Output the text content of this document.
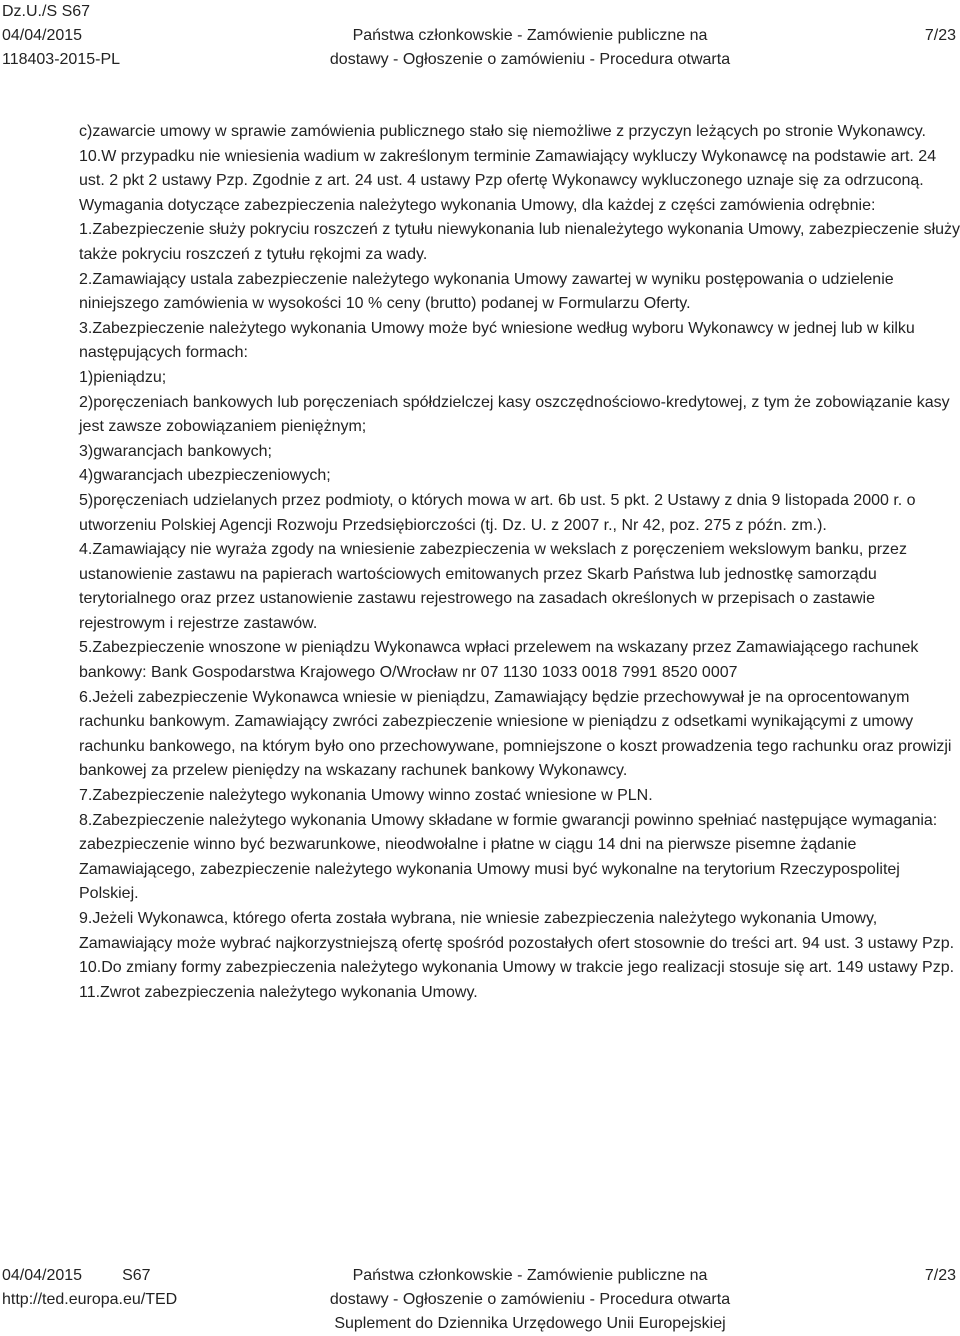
Dz.U./S S67
04/04/2015
118403-2015-PL
Państwa członkowskie - Zamówienie publiczne na
dostawy - Ogłoszenie o zamówieniu - Procedura otwarta
7/23

c)zawarcie umowy w sprawie zamówienia publicznego stało się niemożliwe z przyczyn leżących po stronie Wykonawcy.

10.W przypadku nie wniesienia wadium w zakreślonym terminie Zamawiający wykluczy Wykonawcę na podstawie art. 24 ust. 2 pkt 2 ustawy Pzp. Zgodnie z art. 24 ust. 4 ustawy Pzp ofertę Wykonawcy wykluczonego uznaje się za odrzuconą.

Wymagania dotyczące zabezpieczenia należytego wykonania Umowy, dla każdej z części zamówienia odrębnie:

1.Zabezpieczenie służy pokryciu roszczeń z tytułu niewykonania lub nienależytego wykonania Umowy, zabezpieczenie służy także pokryciu roszczeń z tytułu rękojmi za wady.

2.Zamawiający ustala zabezpieczenie należytego wykonania Umowy zawartej w wyniku postępowania o udzielenie niniejszego zamówienia w wysokości 10 % ceny (brutto) podanej w Formularzu Oferty.

3.Zabezpieczenie należytego wykonania Umowy może być wniesione według wyboru Wykonawcy w jednej lub w kilku następujących formach:

1)pieniądzu;

2)poręczeniach bankowych lub poręczeniach spółdzielczej kasy oszczędnościowo-kredytowej, z tym że zobowiązanie kasy jest zawsze zobowiązaniem pieniężnym;

3)gwarancjach bankowych;

4)gwarancjach ubezpieczeniowych;

5)poręczeniach udzielanych przez podmioty, o których mowa w art. 6b ust. 5 pkt. 2 Ustawy z dnia 9 listopada 2000 r. o utworzeniu Polskiej Agencji Rozwoju Przedsiębiorczości (tj. Dz. U. z 2007 r., Nr 42, poz. 275 z późn. zm.).

4.Zamawiający nie wyraża zgody na wniesienie zabezpieczenia w wekslach z poręczeniem wekslowym banku, przez ustanowienie zastawu na papierach wartościowych emitowanych przez Skarb Państwa lub jednostkę samorządu terytorialnego oraz przez ustanowienie zastawu rejestrowego na zasadach określonych w przepisach o zastawie rejestrowym i rejestrze zastawów.

5.Zabezpieczenie wnoszone w pieniądzu Wykonawca wpłaci przelewem na wskazany przez Zamawiającego rachunek bankowy: Bank Gospodarstwa Krajowego O/Wrocław nr 07 1130 1033 0018 7991 8520 0007

6.Jeżeli zabezpieczenie Wykonawca wniesie w pieniądzu, Zamawiający będzie przechowywał je na oprocentowanym rachunku bankowym. Zamawiający zwróci zabezpieczenie wniesione w pieniądzu z odsetkami wynikającymi z umowy rachunku bankowego, na którym było ono przechowywane, pomniejszone o koszt prowadzenia tego rachunku oraz prowizji bankowej za przelew pieniędzy na wskazany rachunek bankowy Wykonawcy.

7.Zabezpieczenie należytego wykonania Umowy winno zostać wniesione w PLN.

8.Zabezpieczenie należytego wykonania Umowy składane w formie gwarancji powinno spełniać następujące wymagania: zabezpieczenie winno być bezwarunkowe, nieodwołalne i płatne w ciągu 14 dni na pierwsze pisemne żądanie Zamawiającego, zabezpieczenie należytego wykonania Umowy musi być wykonalne na terytorium Rzeczypospolitej Polskiej.

9.Jeżeli Wykonawca, którego oferta została wybrana, nie wniesie zabezpieczenia należytego wykonania Umowy, Zamawiający może wybrać najkorzystniejszą ofertę spośród pozostałych ofert stosownie do treści art. 94 ust. 3 ustawy Pzp.

10.Do zmiany formy zabezpieczenia należytego wykonania Umowy w trakcie jego realizacji stosuje się art. 149 ustawy Pzp.

11.Zwrot zabezpieczenia należytego wykonania Umowy.

04/04/2015	S67
http://ted.europa.eu/TED
Państwa członkowskie - Zamówienie publiczne na
dostawy - Ogłoszenie o zamówieniu - Procedura otwarta
Suplement do Dziennika Urzędowego Unii Europejskiej
7/23
